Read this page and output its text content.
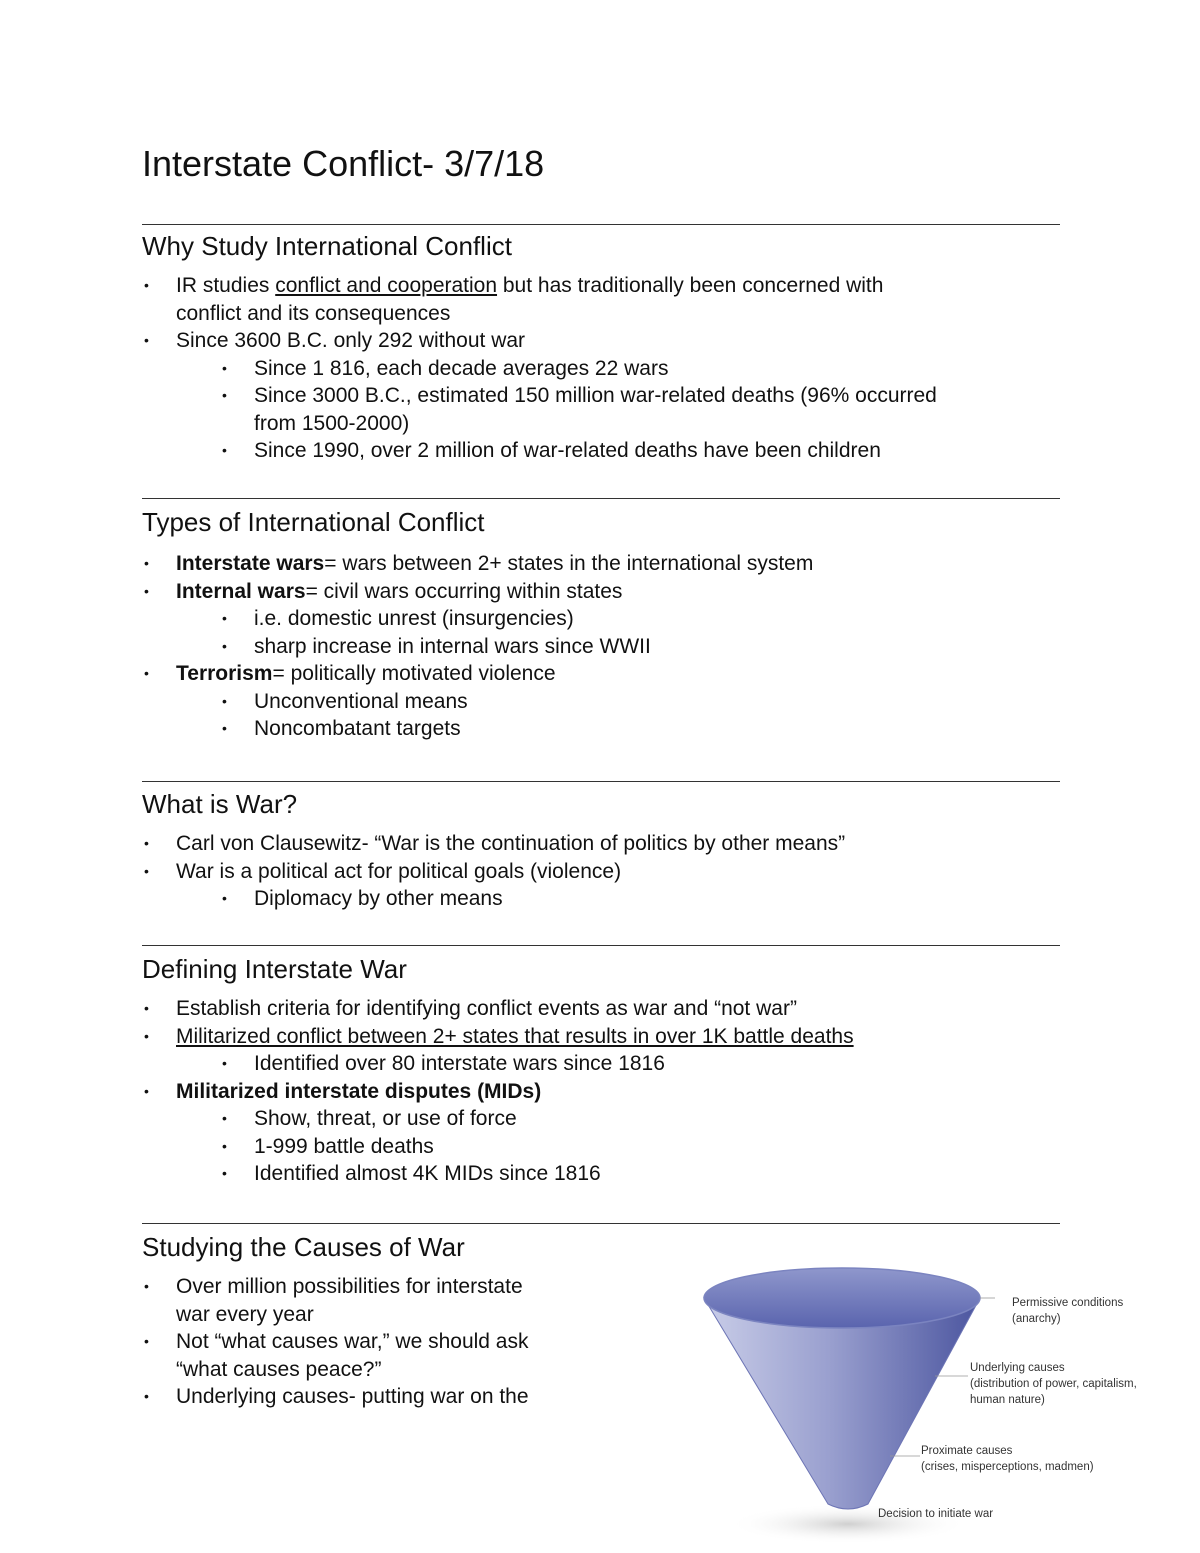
Interstate Conflict- 3/7/18
Why Study International Conflict
• IR studies conflict and cooperation but has traditionally been concerned with
conflict and its consequences
• Since 3600 B.C. only 292 without war
• Since 1 816, each decade averages 22 wars
• Since 3000 B.C., estimated 150 million war-related deaths (96% occurred
from 1500-2000)
• Since 1990, over 2 million of war-related deaths have been children
Types of International Conflict
• Interstate wars= wars between 2+ states in the international system
• Internal wars= civil wars occurring within states
• i.e. domestic unrest (insurgencies)
• sharp increase in internal wars since WWII
• Terrorism= politically motivated violence
• Unconventional means
• Noncombatant targets
What is War?
• Carl von Clausewitz- “War is the continuation of politics by other means”
• War is a political act for political goals (violence)
• Diplomacy by other means
Defining Interstate War
• Establish criteria for identifying conflict events as war and “not war”
• Militarized conflict between 2+ states that results in over 1K battle deaths
• Identified over 80 interstate wars since 1816
• Militarized interstate disputes (MIDs)
• Show, threat, or use of force
• 1-999 battle deaths
• Identified almost 4K MIDs since 1816
Studying the Causes of War
• Over million possibilities for interstate
war every year
• Not “what causes war,” we should ask
“what causes peace?”
• Underlying causes- putting war on the
Permissive conditions (anarchy)
Underlying causes (distribution of power, capitalism, human nature)
Proximate causes (crises, misperceptions, madmen)
Decision to initiate war
